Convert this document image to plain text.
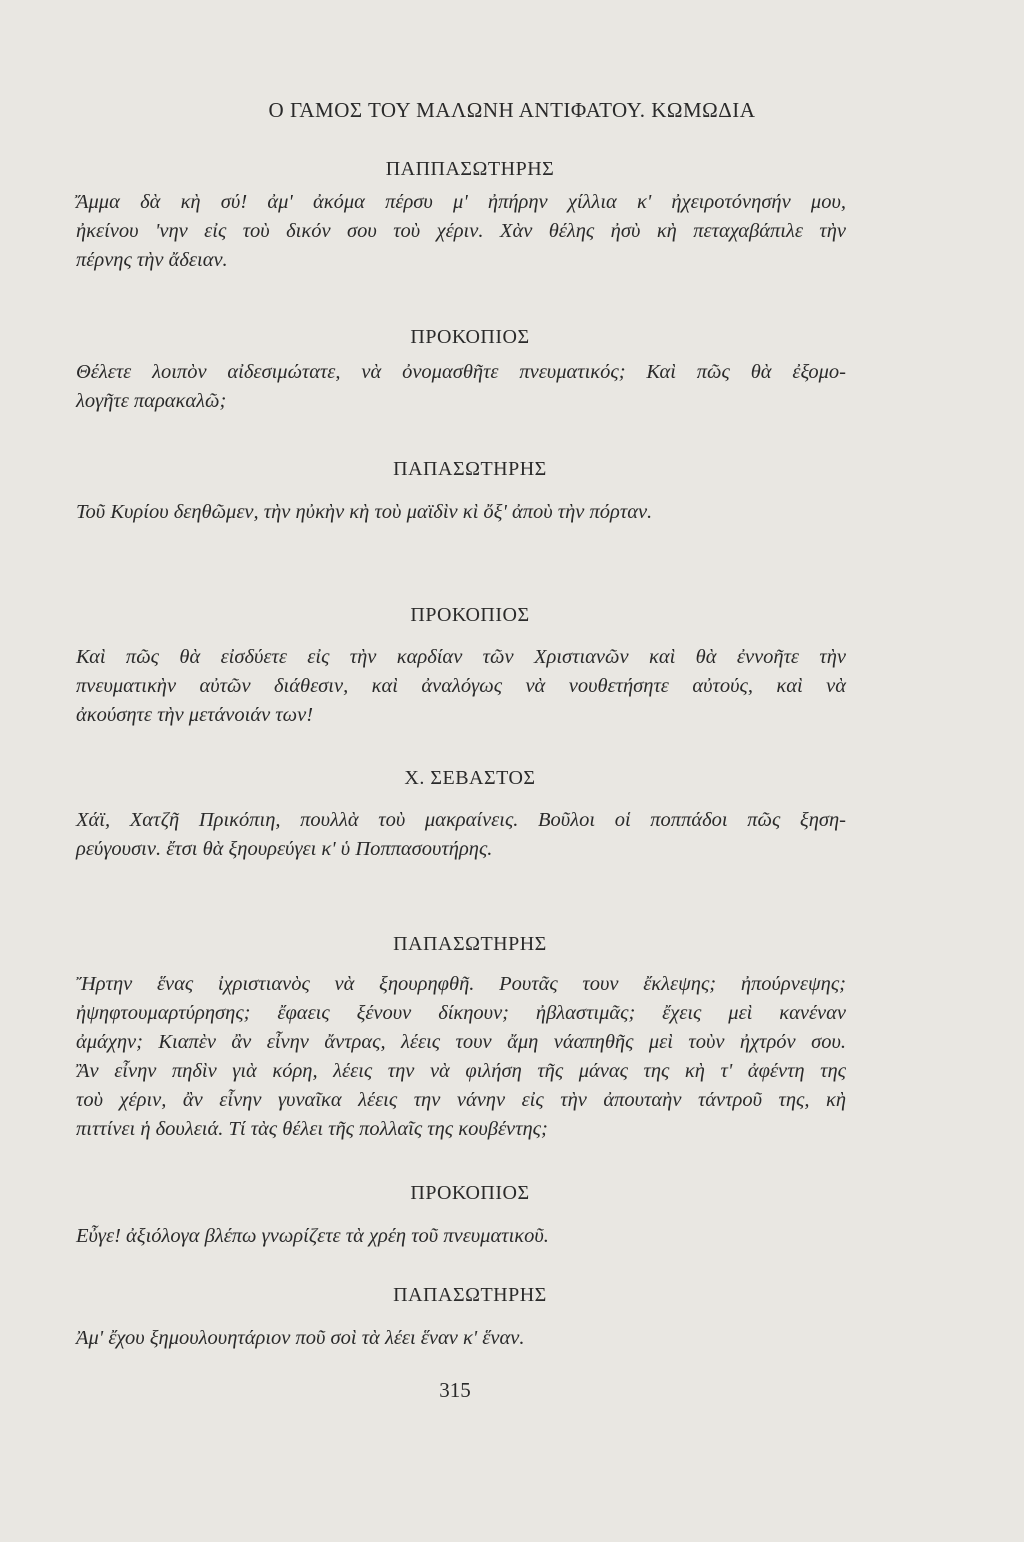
Ο ΓΑΜΟΣ ΤΟΥ ΜΑΛΩΝΗ ΑΝΤΙΦΑΤΟΥ. ΚΩΜΩΔΙΑ
ΠΑΠΠΑΣΩΤΗΡΗΣ
Ἄμμα δὰ κὴ σύ! ἀμ' ἀκόμα πέρσυ μ' ἠπήρην χίλλια κ' ἠχειροτόνησήν μου,
ἠκείνου 'νην εἰς τοὺ δικόν σου τοὺ χέριν. Χὰν θέλης ἠσὺ κὴ πεταχαβάπιλε τὴν
πέρνης τὴν ἄδειαν.
ΠΡΟΚΟΠΙΟΣ
Θέλετε λοιπὸν αἰδεσιμώτατε, νὰ ὀνομασθῆτε πνευματικός; Καὶ πῶς θὰ ἐξομο-
λογῆτε παρακαλῶ;
ΠΑΠΑΣΩΤΗΡΗΣ
Τοῦ Κυρίου δεηθῶμεν, τὴν ηὐκὴν κὴ τοὺ μαϊδὶν κὶ ὄξ' ἀποὺ τὴν πόρταν.
ΠΡΟΚΟΠΙΟΣ
Καὶ πῶς θὰ εἰσδύετε εἰς τὴν καρδίαν τῶν Χριστιανῶν καὶ θὰ ἐννοῆτε τὴν
πνευματικὴν αὐτῶν διάθεσιν, καὶ ἀναλόγως νὰ νουθετήσητε αὐτούς, καὶ νὰ
ἀκούσητε τὴν μετάνοιάν των!
Χ. ΣΕΒΑΣΤΟΣ
Χάϊ, Χατζῆ Πρικόπιη, πουλλὰ τοὺ μακραίνεις. Βοῦλοι οἱ ποππάδοι πῶς ξηση-
ρεύγουσιν. ἔτσι θὰ ξηουρεύγει κ' ὑ Ποππασουτήρης.
ΠΑΠΑΣΩΤΗΡΗΣ
Ἤρτην ἕνας ἰχριστιανὸς νὰ ξηουρηφθῆ. Ρουτᾶς τουν ἔκλεψης; ἠπούρνεψης;
ἠψηφτουμαρτύρησης; ἔφαεις ξένουν δίκηουν; ἠβλαστιμᾶς; ἔχεις μεὶ κανέναν
ἀμάχην; Κιαπὲν ἂν εἶνην ἄντρας, λέεις τουν ἄμη νάαπηθῆς μεὶ τοὺν ἠχτρόν σου.
Ἂν εἶνην πηδὶν γιὰ κόρη, λέεις την νὰ φιλήση τῆς μάνας της κὴ τ' ἀφέντη της
τοὺ χέριν, ἂν εἶνην γυναῖκα λέεις την νάνην εἰς τὴν ἀπουταὴν τάντροῦ της, κὴ
πιττίνει ἡ δουλειά. Τί τὰς θέλει τῆς πολλαῖς της κουβέντης;
ΠΡΟΚΟΠΙΟΣ
Εὖγε! ἀξιόλογα βλέπω γνωρίζετε τὰ χρέη τοῦ πνευματικοῦ.
ΠΑΠΑΣΩΤΗΡΗΣ
Ἀμ' ἔχου ξημουλουητάριον ποῦ σοὶ τὰ λέει ἕναν κ' ἕναν.
315
